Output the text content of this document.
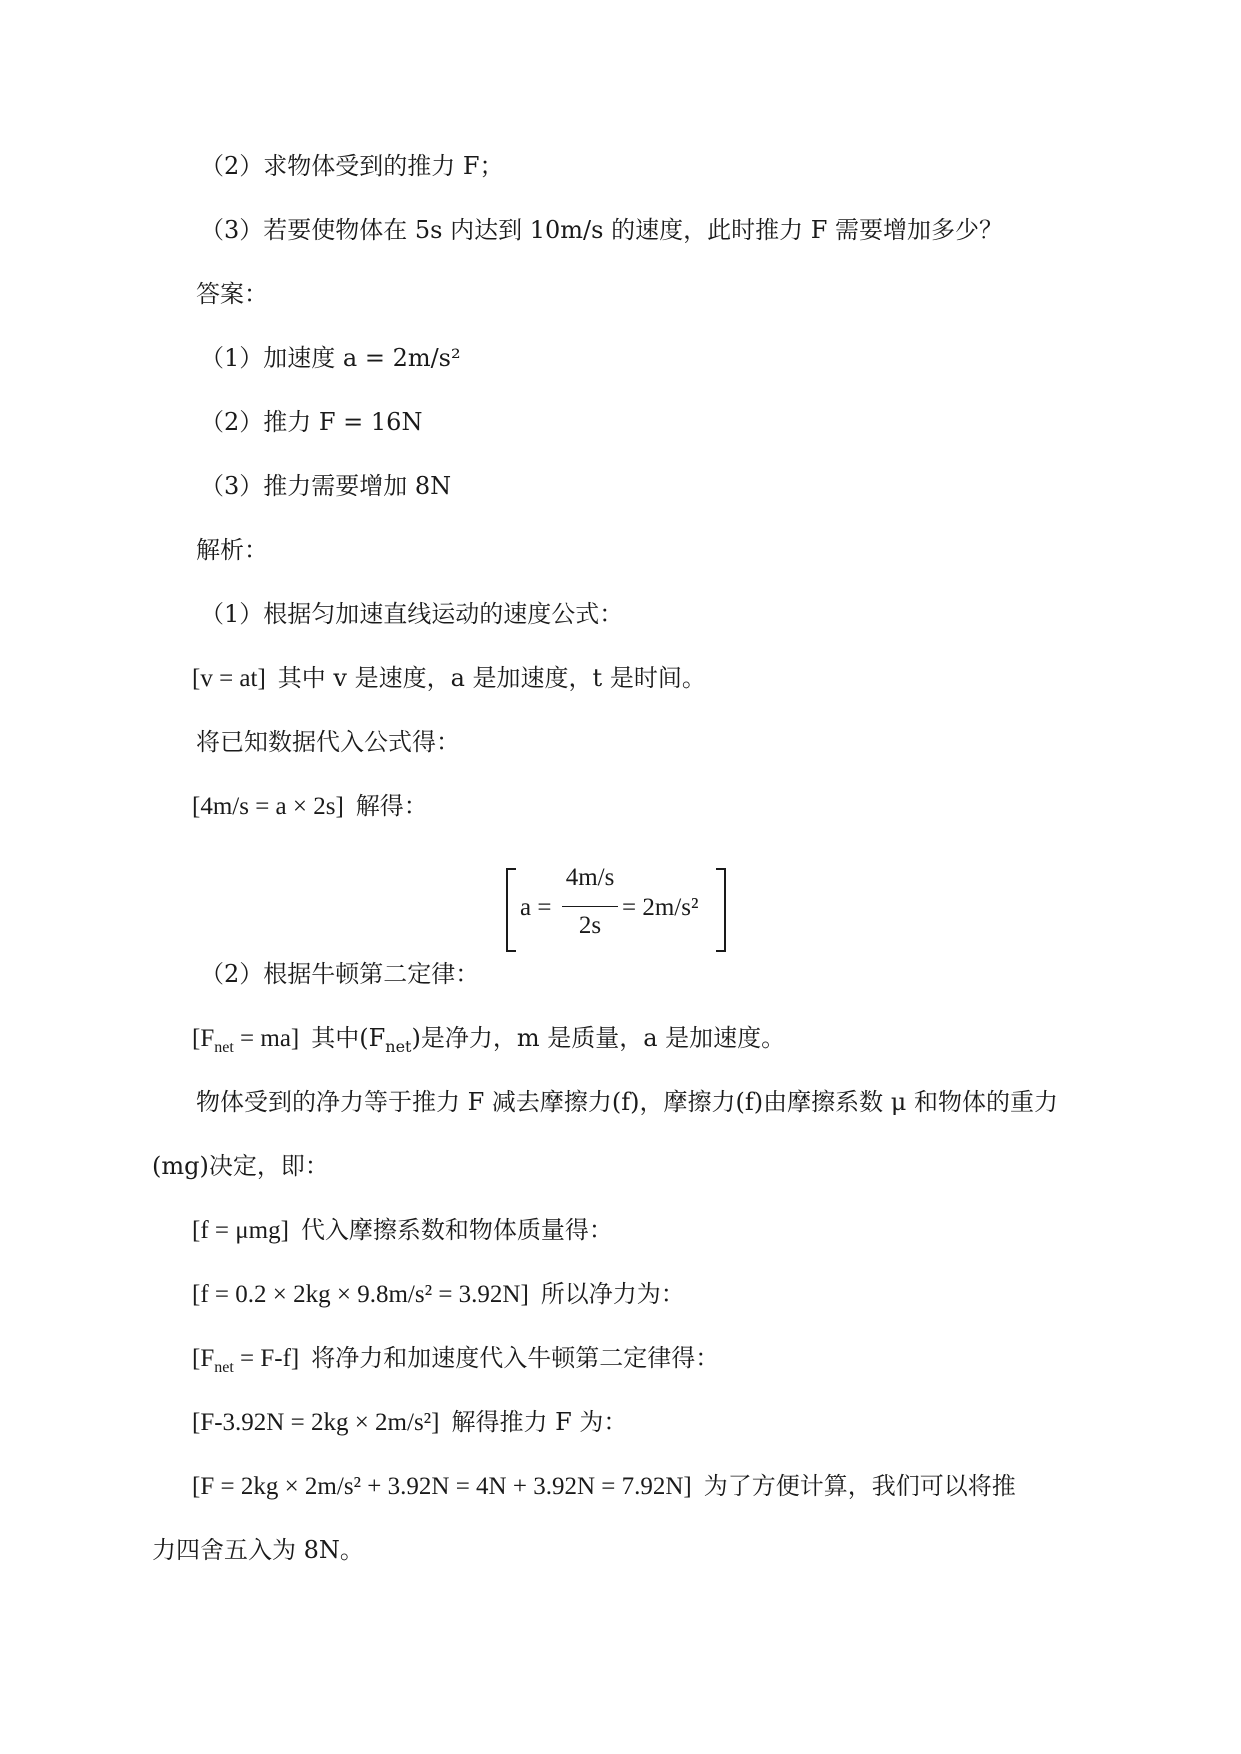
（2）求物体受到的推力 F；
（3）若要使物体在 5s 内达到 10m/s 的速度，此时推力 F 需要增加多少？
答案：
（1）加速度 a = 2m/s²
（2）推力 F = 16N
（3）推力需要增加 8N
解析：
（1）根据匀加速直线运动的速度公式：
[v = at] 其中 v 是速度，a 是加速度，t 是时间。
将已知数据代入公式得：
[4m/s = a × 2s] 解得：
a =
4m/s
2s
= 2m/s²
（2）根据牛顿第二定律：
$[F_{net} = ma]$ 其中$(F_{net})$是净力，m 是质量，a 是加速度。
物体受到的净力等于推力 F 减去摩擦力(f)，摩擦力(f)由摩擦系数 μ 和物体的重力
(mg)决定，即：
[f = μmg] 代入摩擦系数和物体质量得：
[f = 0.2 × 2kg × 9.8m/s² = 3.92N] 所以净力为：
$[F_{net} = F-f]$ 将净力和加速度代入牛顿第二定律得：
[F-3.92N = 2kg × 2m/s²] 解得推力 F 为：
[F = 2kg × 2m/s² + 3.92N = 4N + 3.92N = 7.92N] 为了方便计算，我们可以将推
力四舍五入为 8N。
